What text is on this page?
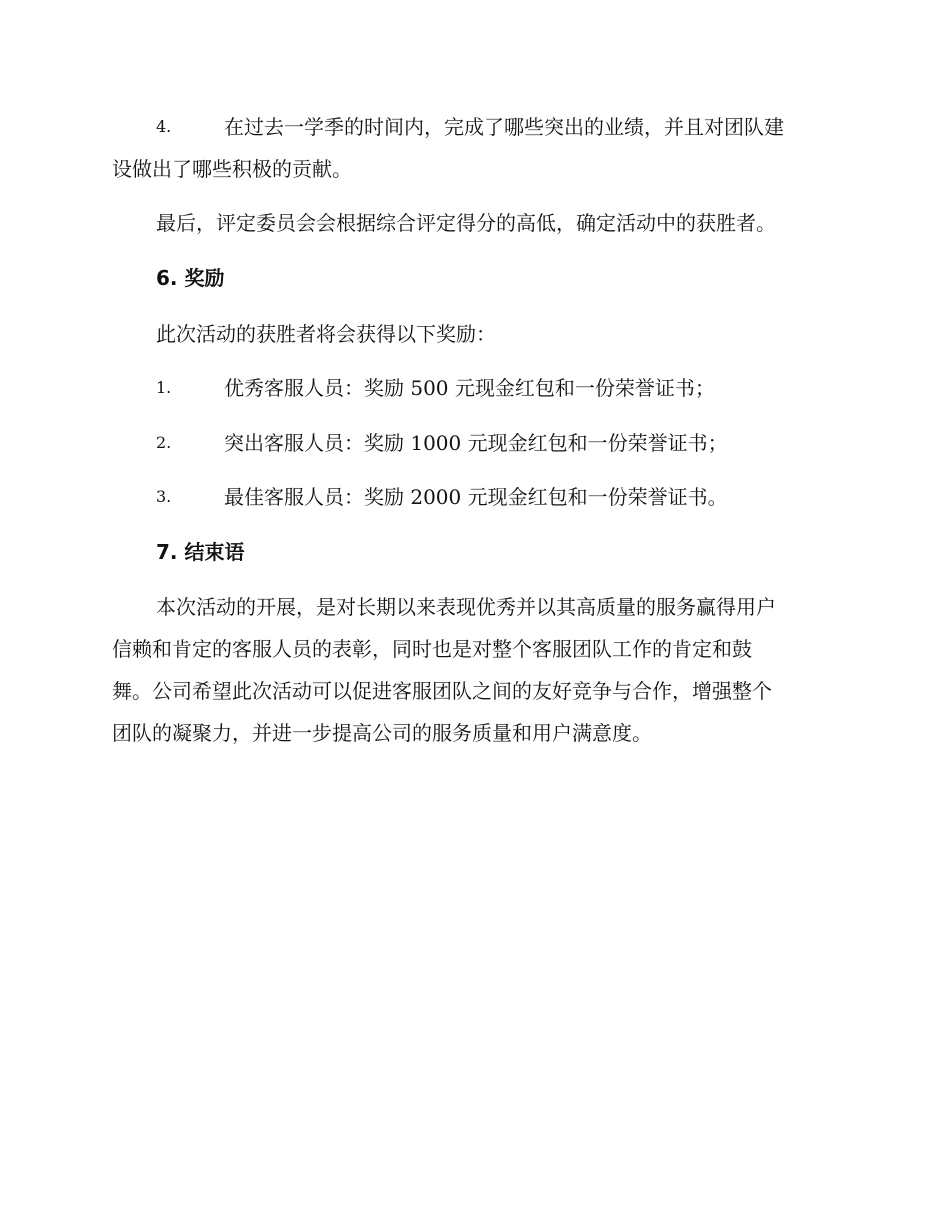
4.	在过去一学季的时间内，完成了哪些突出的业绩，并且对团队建
设做出了哪些积极的贡献。
最后，评定委员会会根据综合评定得分的高低，确定活动中的获胜者。
6. 奖励
此次活动的获胜者将会获得以下奖励：
1.	优秀客服人员：奖励 500 元现金红包和一份荣誉证书；
2.	突出客服人员：奖励 1000 元现金红包和一份荣誉证书；
3.	最佳客服人员：奖励 2000 元现金红包和一份荣誉证书。
7. 结束语
本次活动的开展，是对长期以来表现优秀并以其高质量的服务赢得用户
信赖和肯定的客服人员的表彰，同时也是对整个客服团队工作的肯定和鼓
舞。公司希望此次活动可以促进客服团队之间的友好竞争与合作，增强整个
团队的凝聚力，并进一步提高公司的服务质量和用户满意度。
